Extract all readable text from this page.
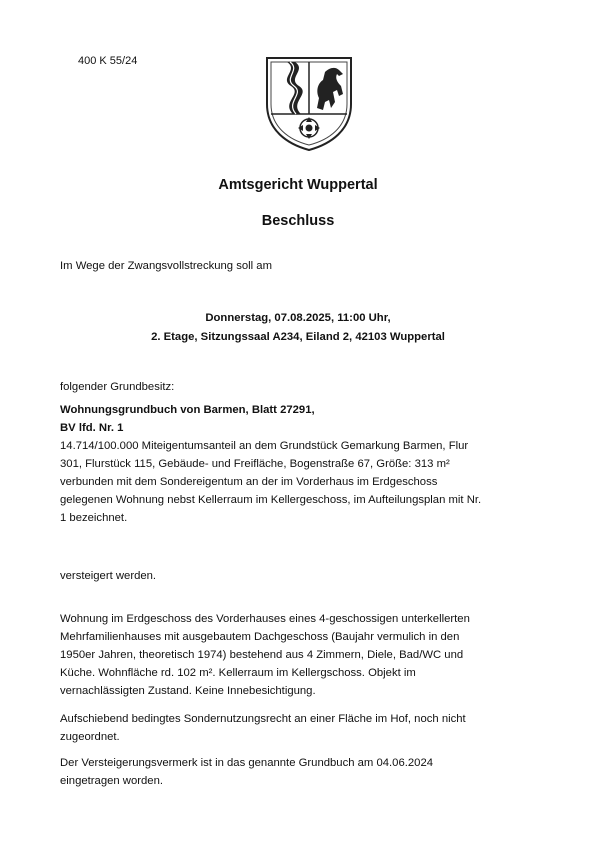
400 K 55/24
Amtsgericht Wuppertal
Beschluss
Im Wege der Zwangsvollstreckung soll am
Donnerstag, 07.08.2025, 11:00 Uhr,
2. Etage, Sitzungssaal A234, Eiland 2, 42103 Wuppertal
folgender Grundbesitz:
Wohnungsgrundbuch von Barmen, Blatt 27291,
BV lfd. Nr. 1
14.714/100.000 Miteigentumsanteil an dem Grundstück Gemarkung Barmen, Flur
301, Flurstück 115, Gebäude- und Freifläche, Bogenstraße 67, Größe: 313 m²
verbunden mit dem Sondereigentum an der im Vorderhaus im Erdgeschoss
gelegenen Wohnung nebst Kellerraum im Kellergeschoss, im Aufteilungsplan mit Nr.
1 bezeichnet.
versteigert werden.
Wohnung im Erdgeschoss des Vorderhauses eines 4-geschossigen unterkellerten
Mehrfamilienhauses mit ausgebautem Dachgeschoss (Baujahr vermulich in den
1950er Jahren, theoretisch 1974) bestehend aus 4 Zimmern, Diele, Bad/WC und
Küche. Wohnfläche rd. 102 m². Kellerraum im Kellergschoss. Objekt im
vernachlässigten Zustand. Keine Innebesichtigung.
Aufschiebend bedingtes Sondernutzungsrecht an einer Fläche im Hof, noch nicht
zugeordnet.
Der Versteigerungsvermerk ist in das genannte Grundbuch am 04.06.2024
eingetragen worden.
